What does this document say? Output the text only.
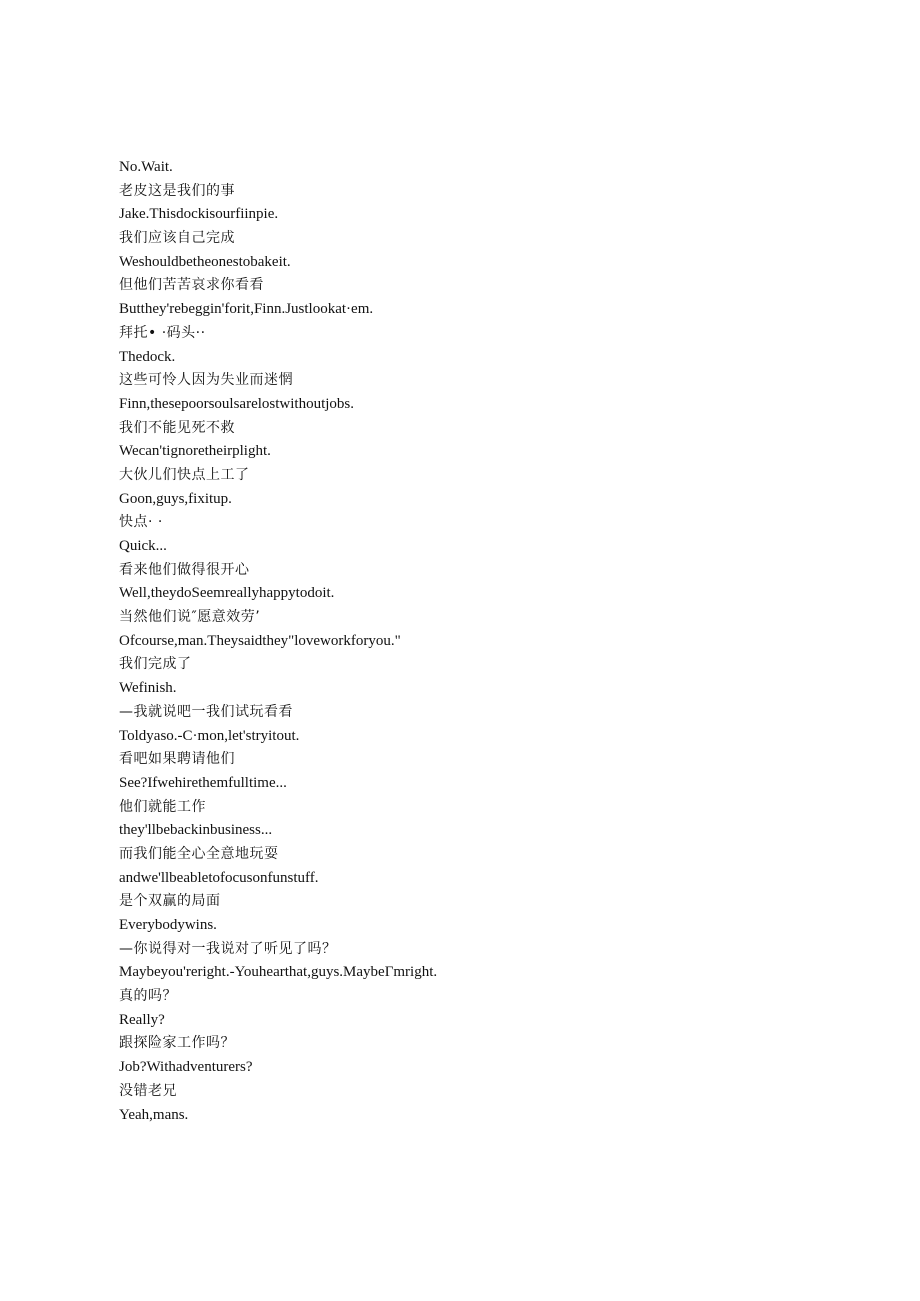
No.Wait.
老皮这是我们的事
Jake.Thisdockisourfiinpie.
我们应该自己完成
Weshouldbetheonestobakeit.
但他们苦苦哀求你看看
Butthey'rebeggin'forit,Finn.Justlookat·em.
拜托• ·码头··
Thedock.
这些可怜人因为失业而迷惘
Finn,thesepoorsoulsarelostwithoutjobs.
我们不能见死不救
Wecan'tignoretheirplight.
大伙儿们快点上工了
Goon,guys,fixitup.
快点· ·
Quick...
看来他们做得很开心
Well,theydoSeemreallyhappytodoit.
当然他们说″愿意效劳’
Ofcourse,man.Theysaidthey"loveworkforyou."
我们完成了
Wefinish.
—我就说吧一我们试玩看看
Toldyaso.-C·mon,let'stryitout.
看吧如果聘请他们
See?Ifwehirethemfulltime...
他们就能工作
they'llbebackinbusiness...
而我们能全心全意地玩耍
andwe'llbeabletofocusonfunstuff.
是个双赢的局面
Everybodywins.
—你说得对一我说对了听见了吗？
Maybeyou'reright.-Youhearthat,guys.MaybeΓmright.
真的吗？
Really?
跟探险家工作吗？
Job?Withadventurers?
没错老兄
Yeah,mans.
